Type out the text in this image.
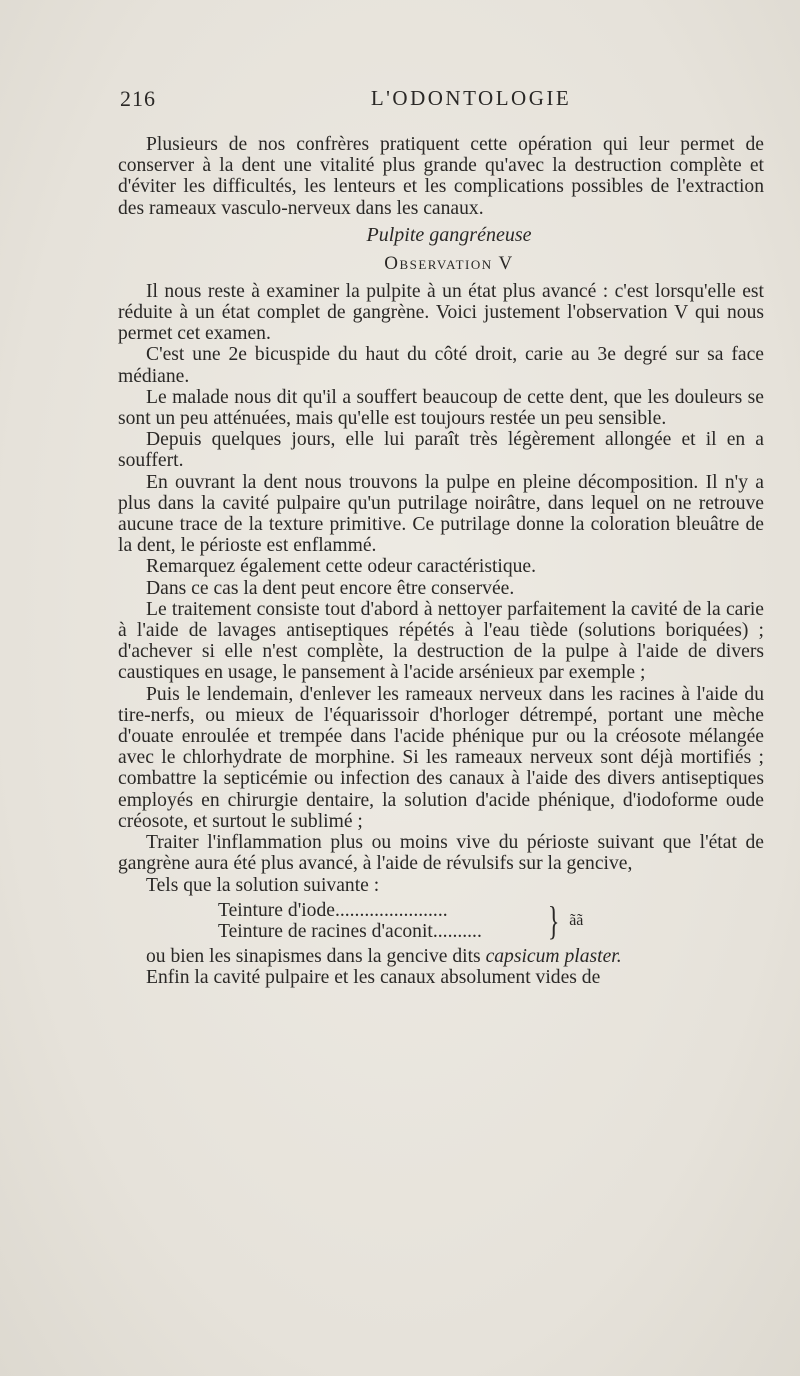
216	L'ODONTOLOGIE

Plusieurs de nos confrères pratiquent cette opération qui leur permet de conserver à la dent une vitalité plus grande qu'avec la destruction complète et d'éviter les difficultés, les lenteurs et les complications possibles de l'extraction des rameaux vasculo-nerveux dans les canaux.

Pulpite gangréneuse
Observation V

Il nous reste à examiner la pulpite à un état plus avancé : c'est lorsqu'elle est réduite à un état complet de gangrène. Voici justement l'observation V qui nous permet cet examen.

C'est une 2e bicuspide du haut du côté droit, carie au 3e degré sur sa face médiane.

Le malade nous dit qu'il a souffert beaucoup de cette dent, que les douleurs se sont un peu atténuées, mais qu'elle est toujours restée un peu sensible.

Depuis quelques jours, elle lui paraît très légèrement allongée et il en a souffert.

En ouvrant la dent nous trouvons la pulpe en pleine décomposition. Il n'y a plus dans la cavité pulpaire qu'un putrilage noirâtre, dans lequel on ne retrouve aucune trace de la texture primitive. Ce putrilage donne la coloration bleuâtre de la dent, le périoste est enflammé.

Remarquez également cette odeur caractéristique.

Dans ce cas la dent peut encore être conservée.

Le traitement consiste tout d'abord à nettoyer parfaitement la cavité de la carie à l'aide de lavages antiseptiques répétés à l'eau tiède (solutions boriquées) ; d'achever si elle n'est complète, la destruction de la pulpe à l'aide de divers caustiques en usage, le pansement à l'acide arsénieux par exemple ;

Puis le lendemain, d'enlever les rameaux nerveux dans les racines à l'aide du tire-nerfs, ou mieux de l'équarissoir d'horloger détrempé, portant une mèche d'ouate enroulée et trempée dans l'acide phénique pur ou la créosote mélangée avec le chlorhydrate de morphine. Si les rameaux nerveux sont déjà mortifiés ; combattre la septicémie ou infection des canaux à l'aide des divers antiseptiques employés en chirurgie dentaire, la solution d'acide phénique, d'iodoforme oude créosote, et surtout le sublimé ;

Traiter l'inflammation plus ou moins vive du périoste suivant que l'état de gangrène aura été plus avancé, à l'aide de révulsifs sur la gencive,

Tels que la solution suivante :

Teinture d'iode.......................
Teinture de racines d'aconit..........	} ãã

ou bien les sinapismes dans la gencive dits capsicum plaster.

Enfin la cavité pulpaire et les canaux absolument vides de
